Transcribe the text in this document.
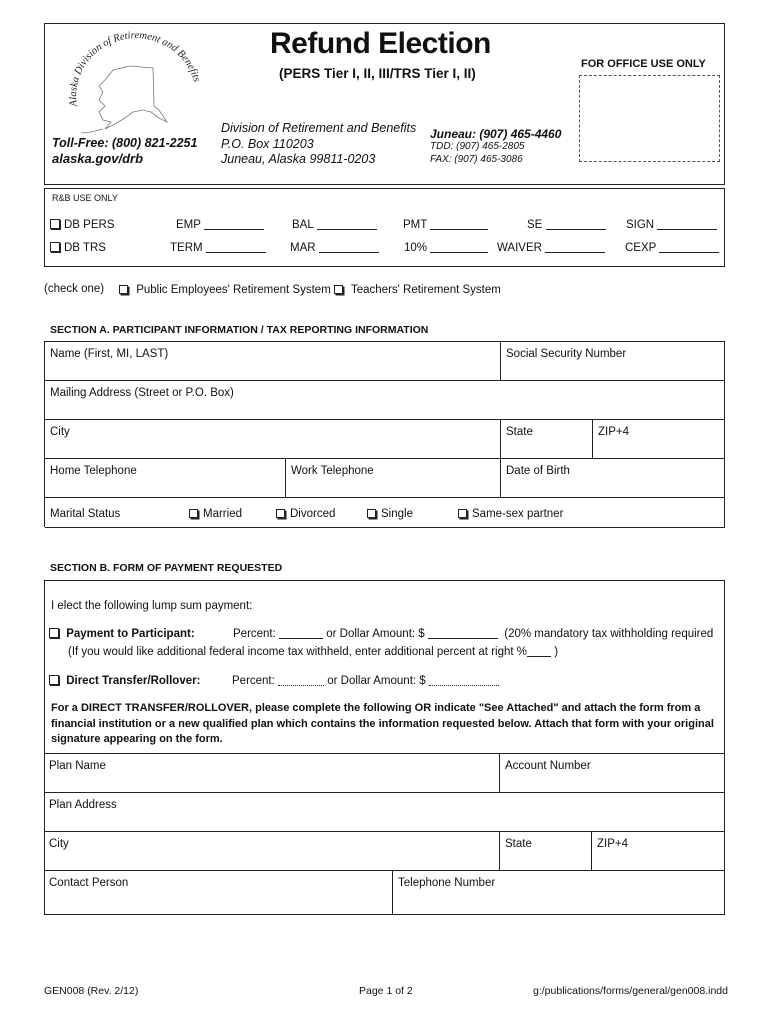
Alaska Division of Retirement and Benefits
Toll-Free: (800) 821-2251
alaska.gov/drb
Refund Election
(PERS Tier I, II, III/TRS Tier I, II)
Division of Retirement and Benefits
P.O. Box 110203
Juneau, Alaska 99811-0203
Juneau: (907) 465-4460
TDD: (907) 465-2805
FAX: (907) 465-3086
FOR OFFICE USE ONLY
R&B USE ONLY
DB PERS	EMP	BAL	PMT	SE	SIGN
DB TRS	TERM	MAR	10%	WAIVER	CEXP
(check one)	Public Employees' Retirement System	Teachers' Retirement System
SECTION A. PARTICIPANT INFORMATION / TAX REPORTING INFORMATION
Name (First, MI, LAST)	Social Security Number
Mailing Address (Street or P.O. Box)
City	State	ZIP+4
Home Telephone	Work Telephone	Date of Birth
Marital Status	Married	Divorced	Single	Same-sex partner
SECTION B. FORM OF PAYMENT REQUESTED
I elect the following lump sum payment:
Payment to Participant:	Percent:	or Dollar Amount: $	(20% mandatory tax withholding required
(If you would like additional federal income tax withheld, enter additional percent at right % )
Direct Transfer/Rollover:	Percent:	or Dollar Amount: $
For a DIRECT TRANSFER/ROLLOVER, please complete the following OR indicate "See Attached" and attach the form from a financial institution or a new qualified plan which contains the information requested below. Attach that form with your original signature appearing on the form.
Plan Name	Account Number
Plan Address
City	State	ZIP+4
Contact Person	Telephone Number
GEN008 (Rev. 2/12)	Page 1 of 2	g:/publications/forms/general/gen008.indd
